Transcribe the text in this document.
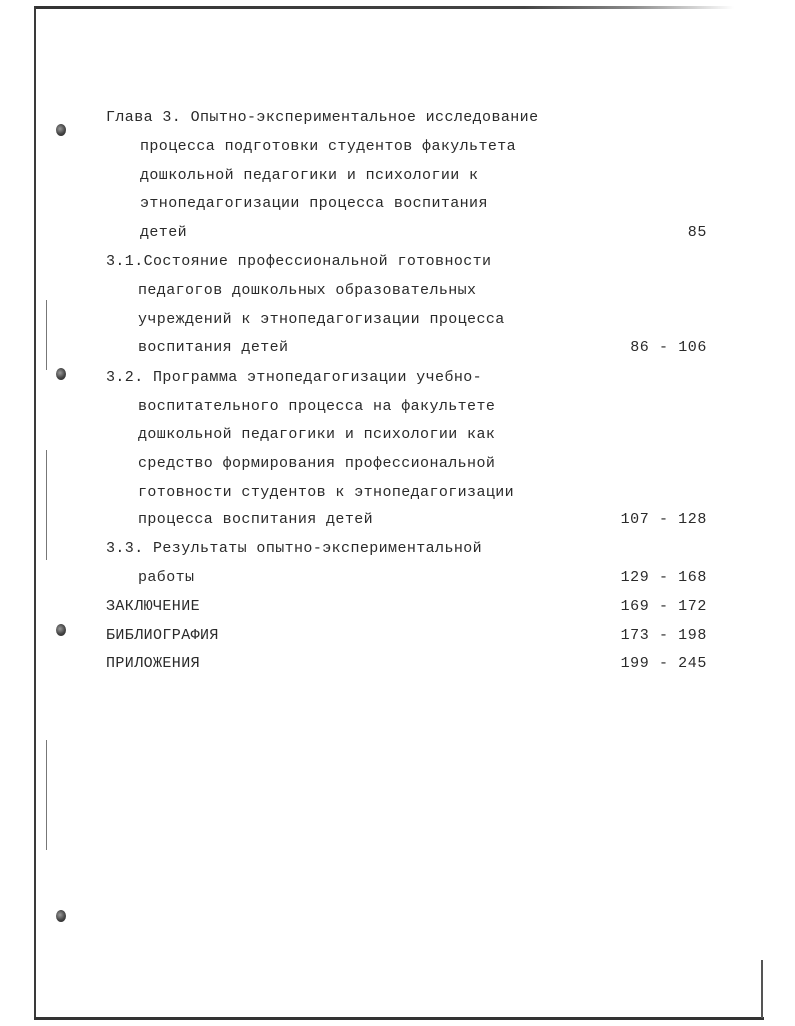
Глава 3. Опытно-экспериментальное исследование
процесса подготовки студентов факультета
дошкольной педагогики и психологии к
этнопедагогизации процесса воспитания
детей	85
3.1.Состояние профессиональной готовности
педагогов дошкольных образовательных
учреждений к этнопедагогизации процесса
воспитания детей	86 - 106
3.2. Программа этнопедагогизации учебно-
воспитательного процесса на факультете
дошкольной педагогики и психологии как
средство формирования профессиональной
готовности студентов к этнопедагогизации
процесса воспитания детей	107 - 128
3.3. Результаты опытно-экспериментальной
работы	129 - 168
ЗАКЛЮЧЕНИЕ	169 - 172
БИБЛИОГРАФИЯ	173 - 198
ПРИЛОЖЕНИЯ	199 - 245
